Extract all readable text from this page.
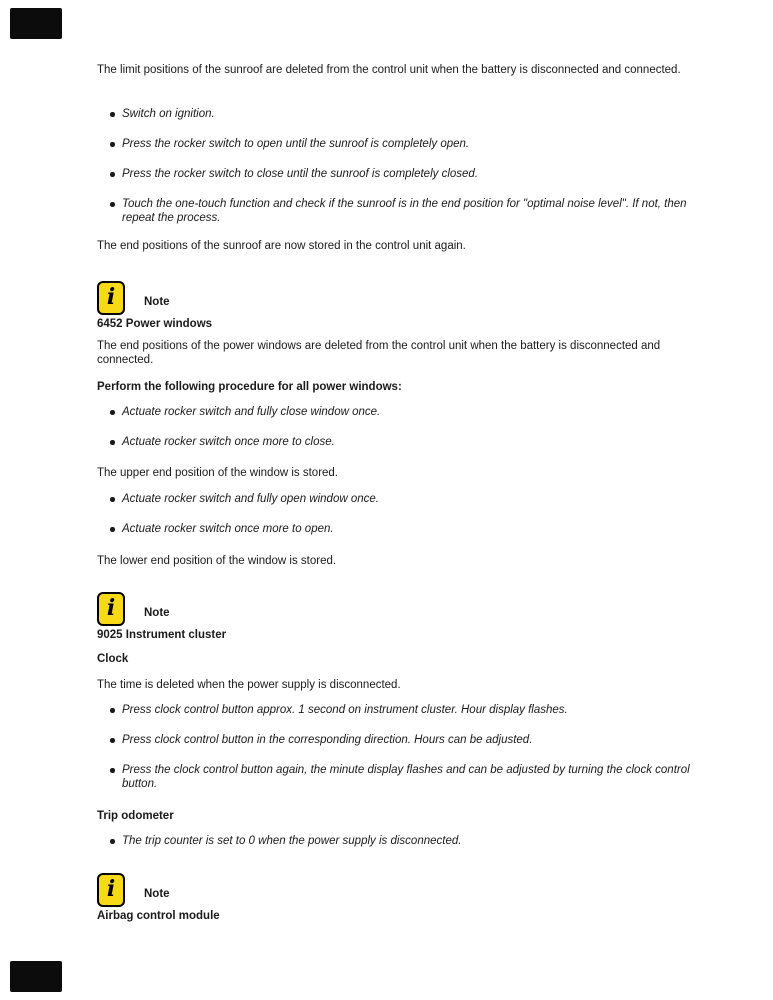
The limit positions of the sunroof are deleted from the control unit when the battery is disconnected and connected.

Switch on ignition.
Press the rocker switch to open until the sunroof is completely open.
Press the rocker switch to close until the sunroof is completely closed.
Touch the one-touch function and check if the sunroof is in the end position for "optimal noise level". If not, then repeat the process.

The end positions of the sunroof are now stored in the control unit again.

i	Note
6452 Power windows

The end positions of the power windows are deleted from the control unit when the battery is disconnected and connected.

Perform the following procedure for all power windows:

Actuate rocker switch and fully close window once.
Actuate rocker switch once more to close.

The upper end position of the window is stored.

Actuate rocker switch and fully open window once.
Actuate rocker switch once more to open.

The lower end position of the window is stored.

i	Note
9025 Instrument cluster

Clock

The time is deleted when the power supply is disconnected.

Press clock control button approx. 1 second on instrument cluster. Hour display flashes.
Press clock control button in the corresponding direction. Hours can be adjusted.
Press the clock control button again, the minute display flashes and can be adjusted by turning the clock control button.

Trip odometer

The trip counter is set to 0 when the power supply is disconnected.
i	Note
Airbag control module
